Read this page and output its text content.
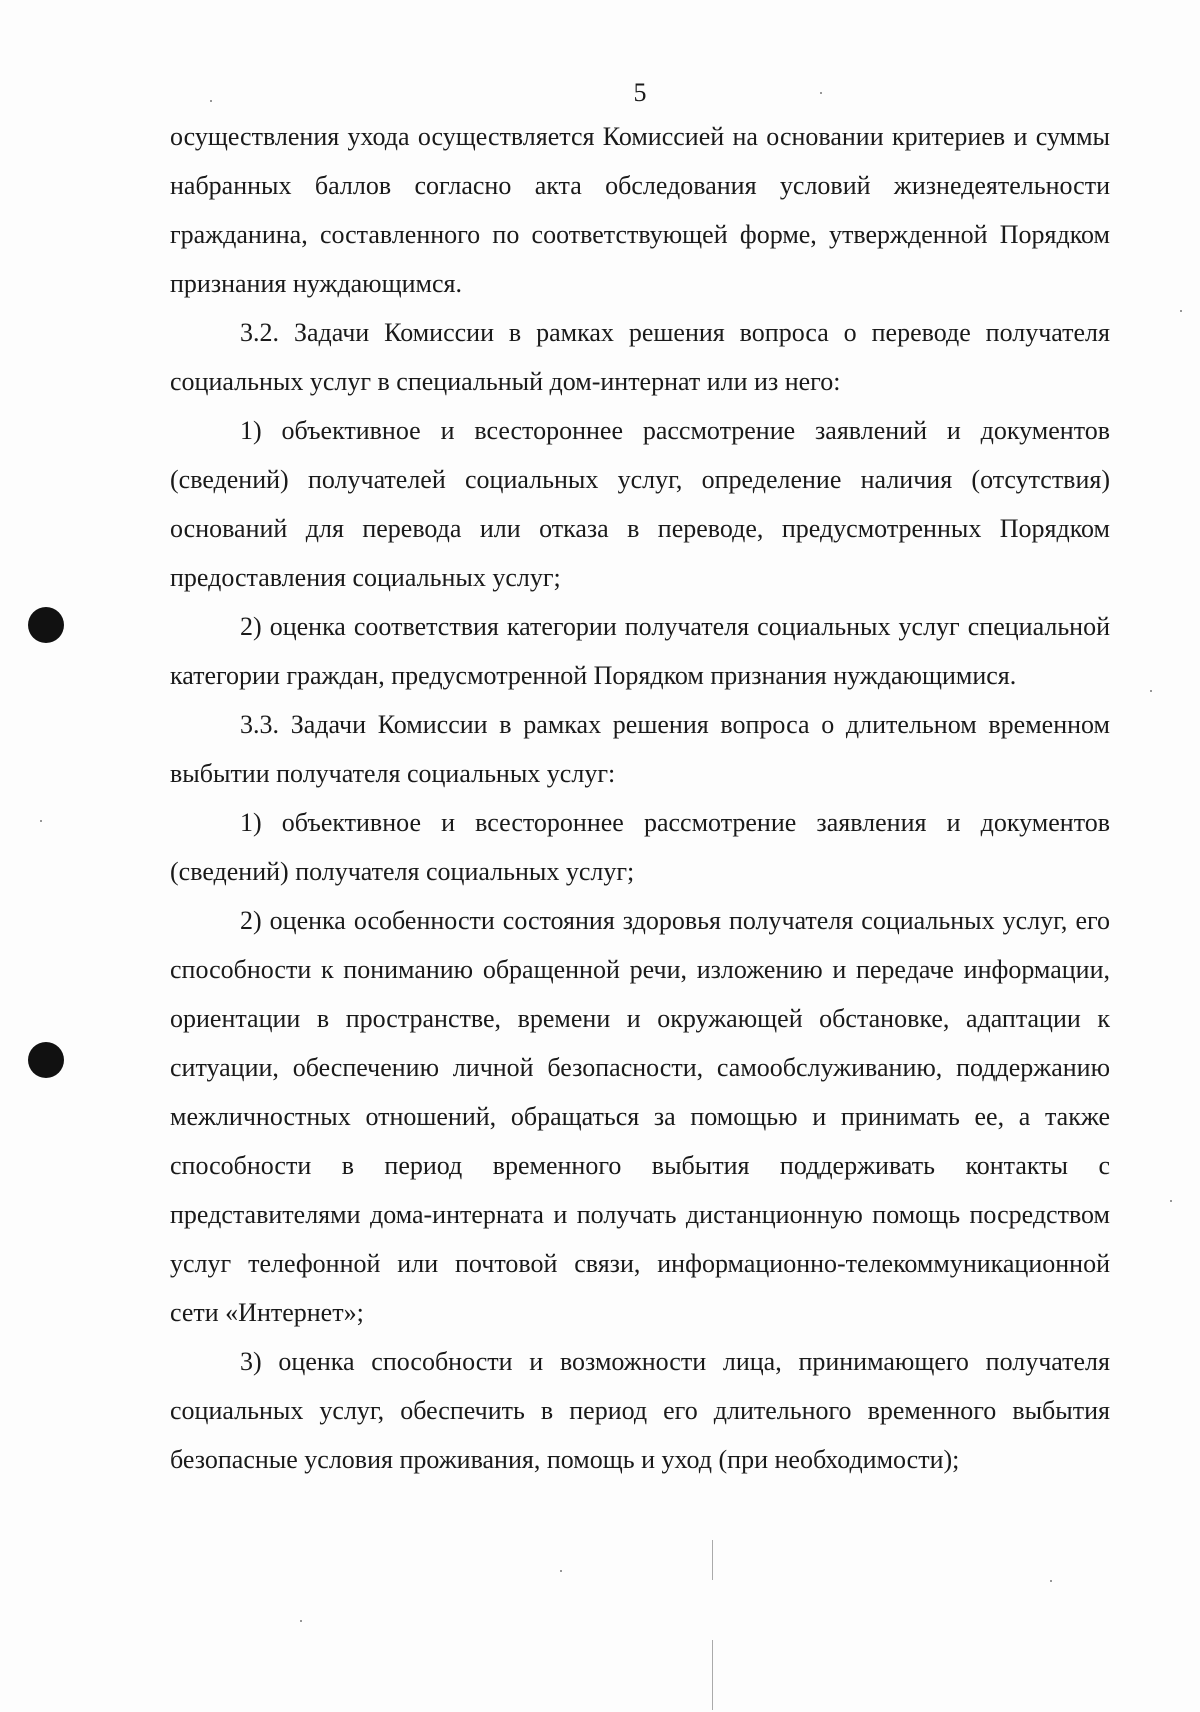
5

осуществления ухода осуществляется Комиссией на основании критериев и суммы набранных баллов согласно акта обследования условий жизнедеятельности гражданина, составленного по соответствующей форме, утвержденной Порядком признания нуждающимся.

3.2. Задачи Комиссии в рамках решения вопроса о переводе получателя социальных услуг в специальный дом-интернат или из него:

1) объективное и всестороннее рассмотрение заявлений и документов (сведений) получателей социальных услуг, определение наличия (отсутствия) оснований для перевода или отказа в переводе, предусмотренных Порядком предоставления социальных услуг;

2) оценка соответствия категории получателя социальных услуг специальной категории граждан, предусмотренной Порядком признания нуждающимися.

3.3. Задачи Комиссии в рамках решения вопроса о длительном временном выбытии получателя социальных услуг:

1) объективное и всестороннее рассмотрение заявления и документов (сведений) получателя социальных услуг;

2) оценка особенности состояния здоровья получателя социальных услуг, его способности к пониманию обращенной речи, изложению и передаче информации, ориентации в пространстве, времени и окружающей обстановке, адаптации к ситуации, обеспечению личной безопасности, самообслуживанию, поддержанию межличностных отношений, обращаться за помощью и принимать ее, а также способности в период временного выбытия поддерживать контакты с представителями дома-интерната и получать дистанционную помощь посредством услуг телефонной или почтовой связи, информационно-телекоммуникационной сети «Интернет»;

3) оценка способности и возможности лица, принимающего получателя социальных услуг, обеспечить в период его длительного временного выбытия безопасные условия проживания, помощь и уход (при необходимости);
